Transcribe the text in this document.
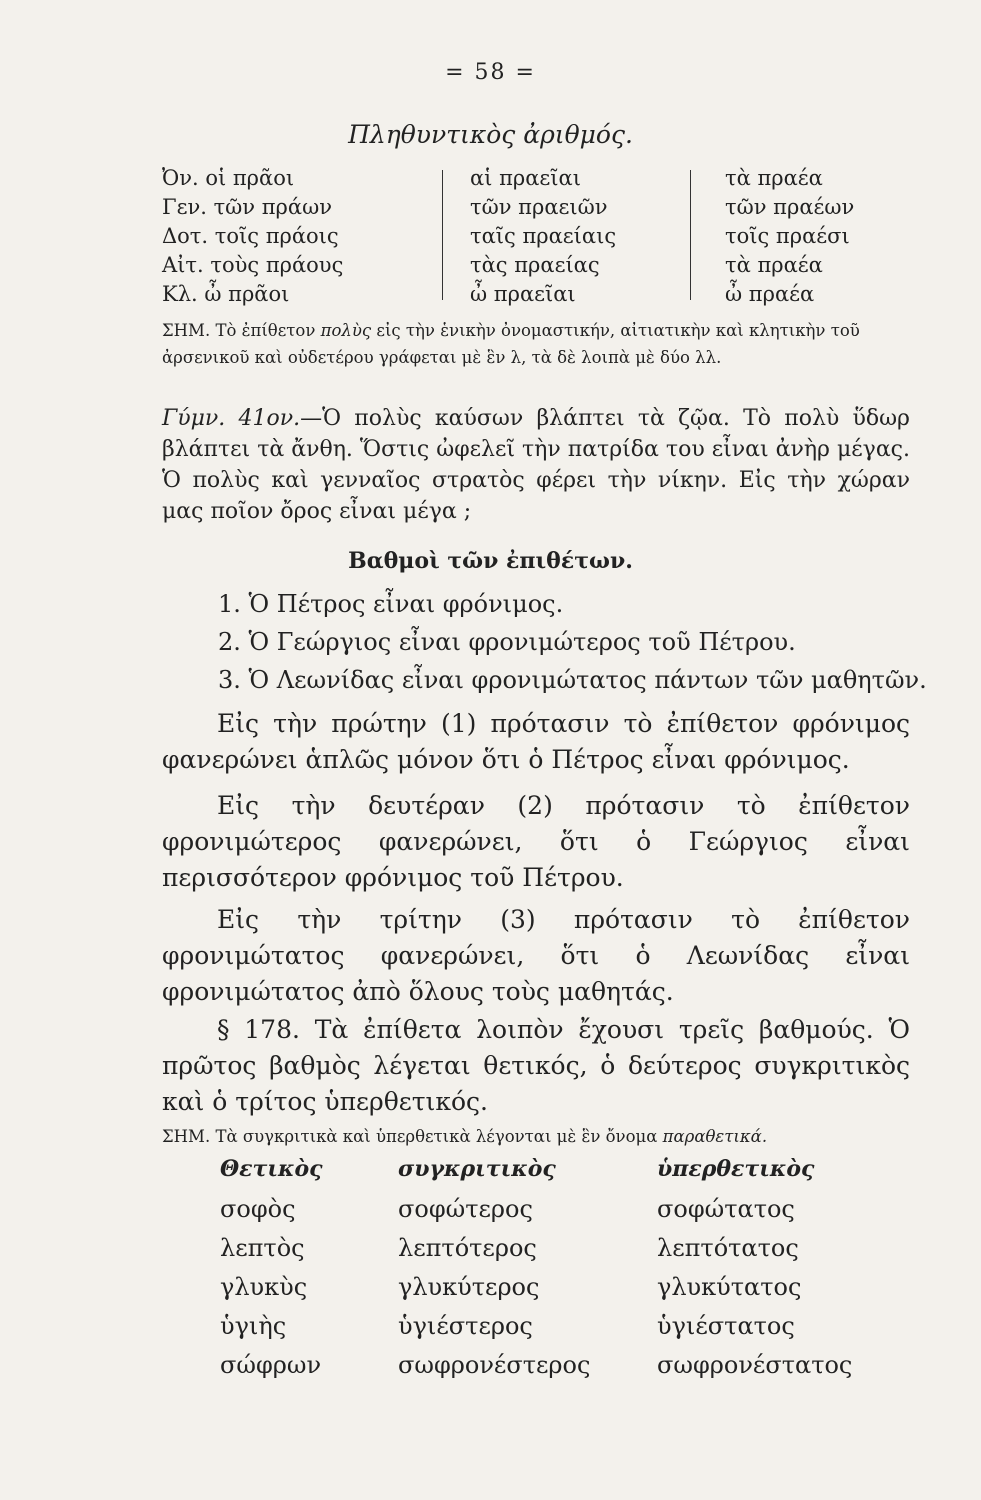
= 58 =
Πληθυντικὸς ἀριθμός.
Ὀν. οἱ πρᾶοι	αἱ πραεῖαι	τὰ πραέα
Γεν. τῶν πράων	τῶν πραειῶν	τῶν πραέων
Δοτ. τοῖς πράοις	ταῖς πραείαις	τοῖς πραέσι
Αἰτ. τοὺς πράους	τὰς πραείας	τὰ πραέα
Κλ. ὦ πρᾶοι	ὦ πραεῖαι	ὦ πραέα
ΣΗΜ. Τὸ ἐπίθετον πολὺς εἰς τὴν ἑνικὴν ὀνομαστικήν, αἰτιατικὴν καὶ κλητικὴν τοῦ ἀρσενικοῦ καὶ οὐδετέρου γράφεται μὲ ἓν λ, τὰ δὲ λοιπὰ μὲ δύο λλ.
Γύμν. 41ον.—Ὁ πολὺς καύσων βλάπτει τὰ ζῷα. Τὸ πολὺ ὕδωρ βλάπτει τὰ ἄνθη. Ὅστις ὠφελεῖ τὴν πατρίδα του εἶναι ἀνὴρ μέγας. Ὁ πολὺς καὶ γενναῖος στρατὸς φέρει τὴν νίκην. Εἰς τὴν χώραν μας ποῖον ὄρος εἶναι μέγα ;
Βαθμοὶ τῶν ἐπιθέτων.
1. Ὁ Πέτρος εἶναι φρόνιμος.
2. Ὁ Γεώργιος εἶναι φρονιμώτερος τοῦ Πέτρου.
3. Ὁ Λεωνίδας εἶναι φρονιμώτατος πάντων τῶν μαθητῶν.
Εἰς τὴν πρώτην (1) πρότασιν τὸ ἐπίθετον φρόνιμος φανερώνει ἁπλῶς μόνον ὅτι ὁ Πέτρος εἶναι φρόνιμος.
Εἰς τὴν δευτέραν (2) πρότασιν τὸ ἐπίθετον φρονιμώτερος φανερώνει, ὅτι ὁ Γεώργιος εἶναι περισσότερον φρόνιμος τοῦ Πέτρου.
Εἰς τὴν τρίτην (3) πρότασιν τὸ ἐπίθετον φρονιμώτατος φανερώνει, ὅτι ὁ Λεωνίδας εἶναι φρονιμώτατος ἀπὸ ὅλους τοὺς μαθητάς.
§ 178. Τὰ ἐπίθετα λοιπὸν ἔχουσι τρεῖς βαθμούς. Ὁ πρῶτος βαθμὸς λέγεται θετικός, ὁ δεύτερος συγκριτικὸς καὶ ὁ τρίτος ὑπερθετικός.
ΣΗΜ. Τὰ συγκριτικὰ καὶ ὑπερθετικὰ λέγονται μὲ ἓν ὄνομα παραθετικά.
Θετικὸς	συγκριτικὸς	ὑπερθετικὸς
σοφὸς	σοφώτερος	σοφώτατος
λεπτὸς	λεπτότερος	λεπτότατος
γλυκὺς	γλυκύτερος	γλυκύτατος
ὑγιὴς	ὑγιέστερος	ὑγιέστατος
σώφρων	σωφρονέστερος	σωφρονέστατος
